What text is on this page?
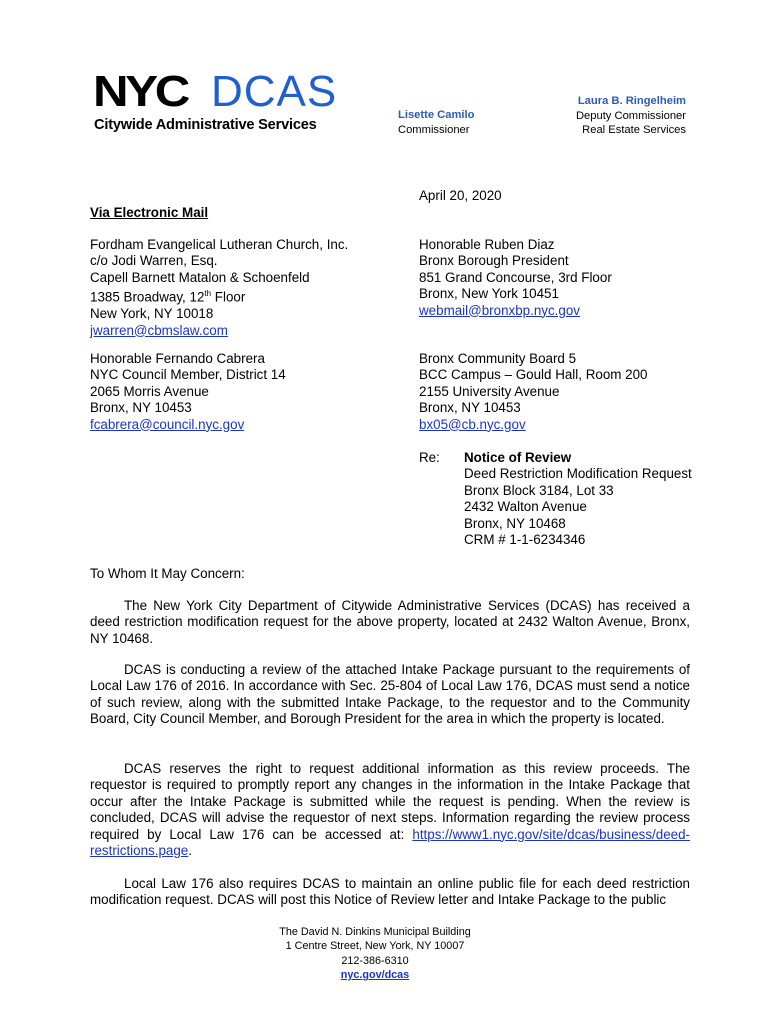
NYC DCAS
Citywide Administrative Services
Lisette Camilo
Commissioner
Laura B. Ringelheim
Deputy Commissioner
Real Estate Services
April 20, 2020
Via Electronic Mail
Fordham Evangelical Lutheran Church, Inc.
c/o Jodi Warren, Esq.
Capell Barnett Matalon & Schoenfeld
1385 Broadway, 12th Floor
New York, NY 10018
jwarren@cbmslaw.com
Honorable Ruben Diaz
Bronx Borough President
851 Grand Concourse, 3rd Floor
Bronx, New York 10451
webmail@bronxbp.nyc.gov
Honorable Fernando Cabrera
NYC Council Member, District 14
2065 Morris Avenue
Bronx, NY 10453
fcabrera@council.nyc.gov
Bronx Community Board 5
BCC Campus – Gould Hall, Room 200
2155 University Avenue
Bronx, NY 10453
bx05@cb.nyc.gov
Re: Notice of Review
Deed Restriction Modification Request
Bronx Block 3184, Lot 33
2432 Walton Avenue
Bronx, NY 10468
CRM # 1-1-6234346
To Whom It May Concern:
The New York City Department of Citywide Administrative Services (DCAS) has received a deed restriction modification request for the above property, located at 2432 Walton Avenue, Bronx, NY 10468.
DCAS is conducting a review of the attached Intake Package pursuant to the requirements of Local Law 176 of 2016. In accordance with Sec. 25-804 of Local Law 176, DCAS must send a notice of such review, along with the submitted Intake Package, to the requestor and to the Community Board, City Council Member, and Borough President for the area in which the property is located.
DCAS reserves the right to request additional information as this review proceeds. The requestor is required to promptly report any changes in the information in the Intake Package that occur after the Intake Package is submitted while the request is pending. When the review is concluded, DCAS will advise the requestor of next steps. Information regarding the review process required by Local Law 176 can be accessed at: https://www1.nyc.gov/site/dcas/business/deed-restrictions.page.
Local Law 176 also requires DCAS to maintain an online public file for each deed restriction modification request. DCAS will post this Notice of Review letter and Intake Package to the public
The David N. Dinkins Municipal Building
1 Centre Street, New York, NY 10007
212-386-6310
nyc.gov/dcas
